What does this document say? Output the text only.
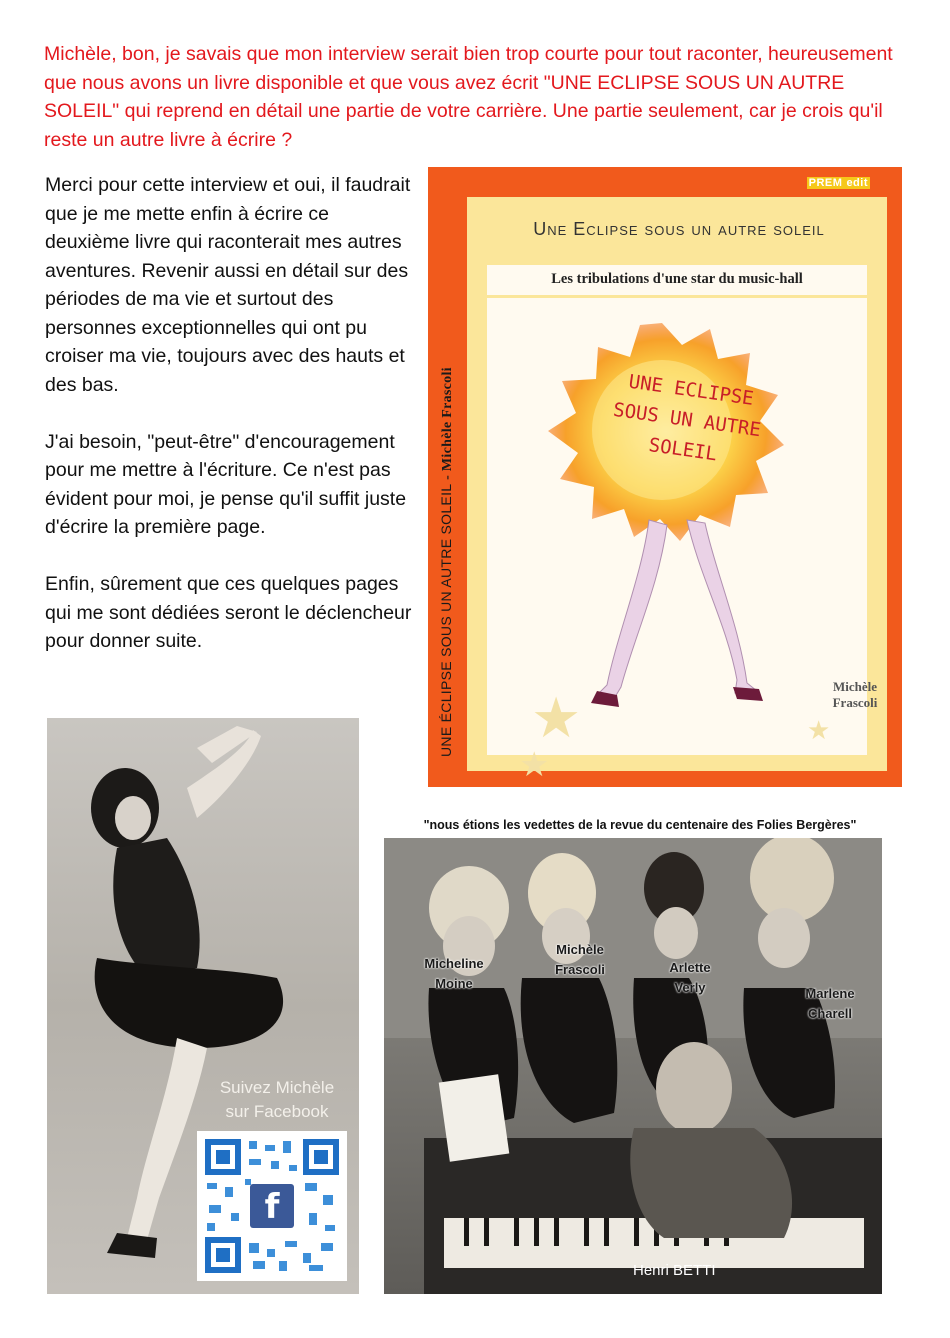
Michèle, bon, je savais que mon interview serait bien trop courte pour tout raconter, heureusement que nous avons un livre disponible et que vous avez écrit "UNE ECLIPSE SOUS UN AUTRE SOLEIL" qui reprend en détail une partie de votre carrière. Une partie seulement, car je crois qu'il reste un autre livre à écrire ?

Merci pour cette interview et oui, il faudrait que je me mette enfin à écrire ce deuxième livre qui raconterait mes autres aventures. Revenir aussi en détail sur des périodes de ma vie et surtout des personnes exceptionnelles qui ont pu croiser ma vie, toujours avec des hauts et des bas.

J'ai besoin, "peut-être" d'encouragement pour me mettre à l'écriture. Ce n'est pas évident pour moi, je pense qu'il suffit juste d'écrire la première page.

Enfin, sûrement que ces quelques pages qui me sont dédiées seront le déclencheur pour donner suite.

PREM edit
UNE ÉCLIPSE SOUS UN AUTRE SOLEIL - Michèle Frascoli
Une Eclipse sous un autre soleil
Les tribulations d'une star du music-hall
UNE ECLIPSE
SOUS UN AUTRE
SOLEIL
★
★
★
Michèle
Frascoli
Suivez Michèle
sur Facebook
f
"nous étions les vedettes de la revue du centenaire des Folies Bergères"
Micheline
Moine
Michèle
Frascoli	Arlette
Verly	Marlene
Charell
Henri BETTI
